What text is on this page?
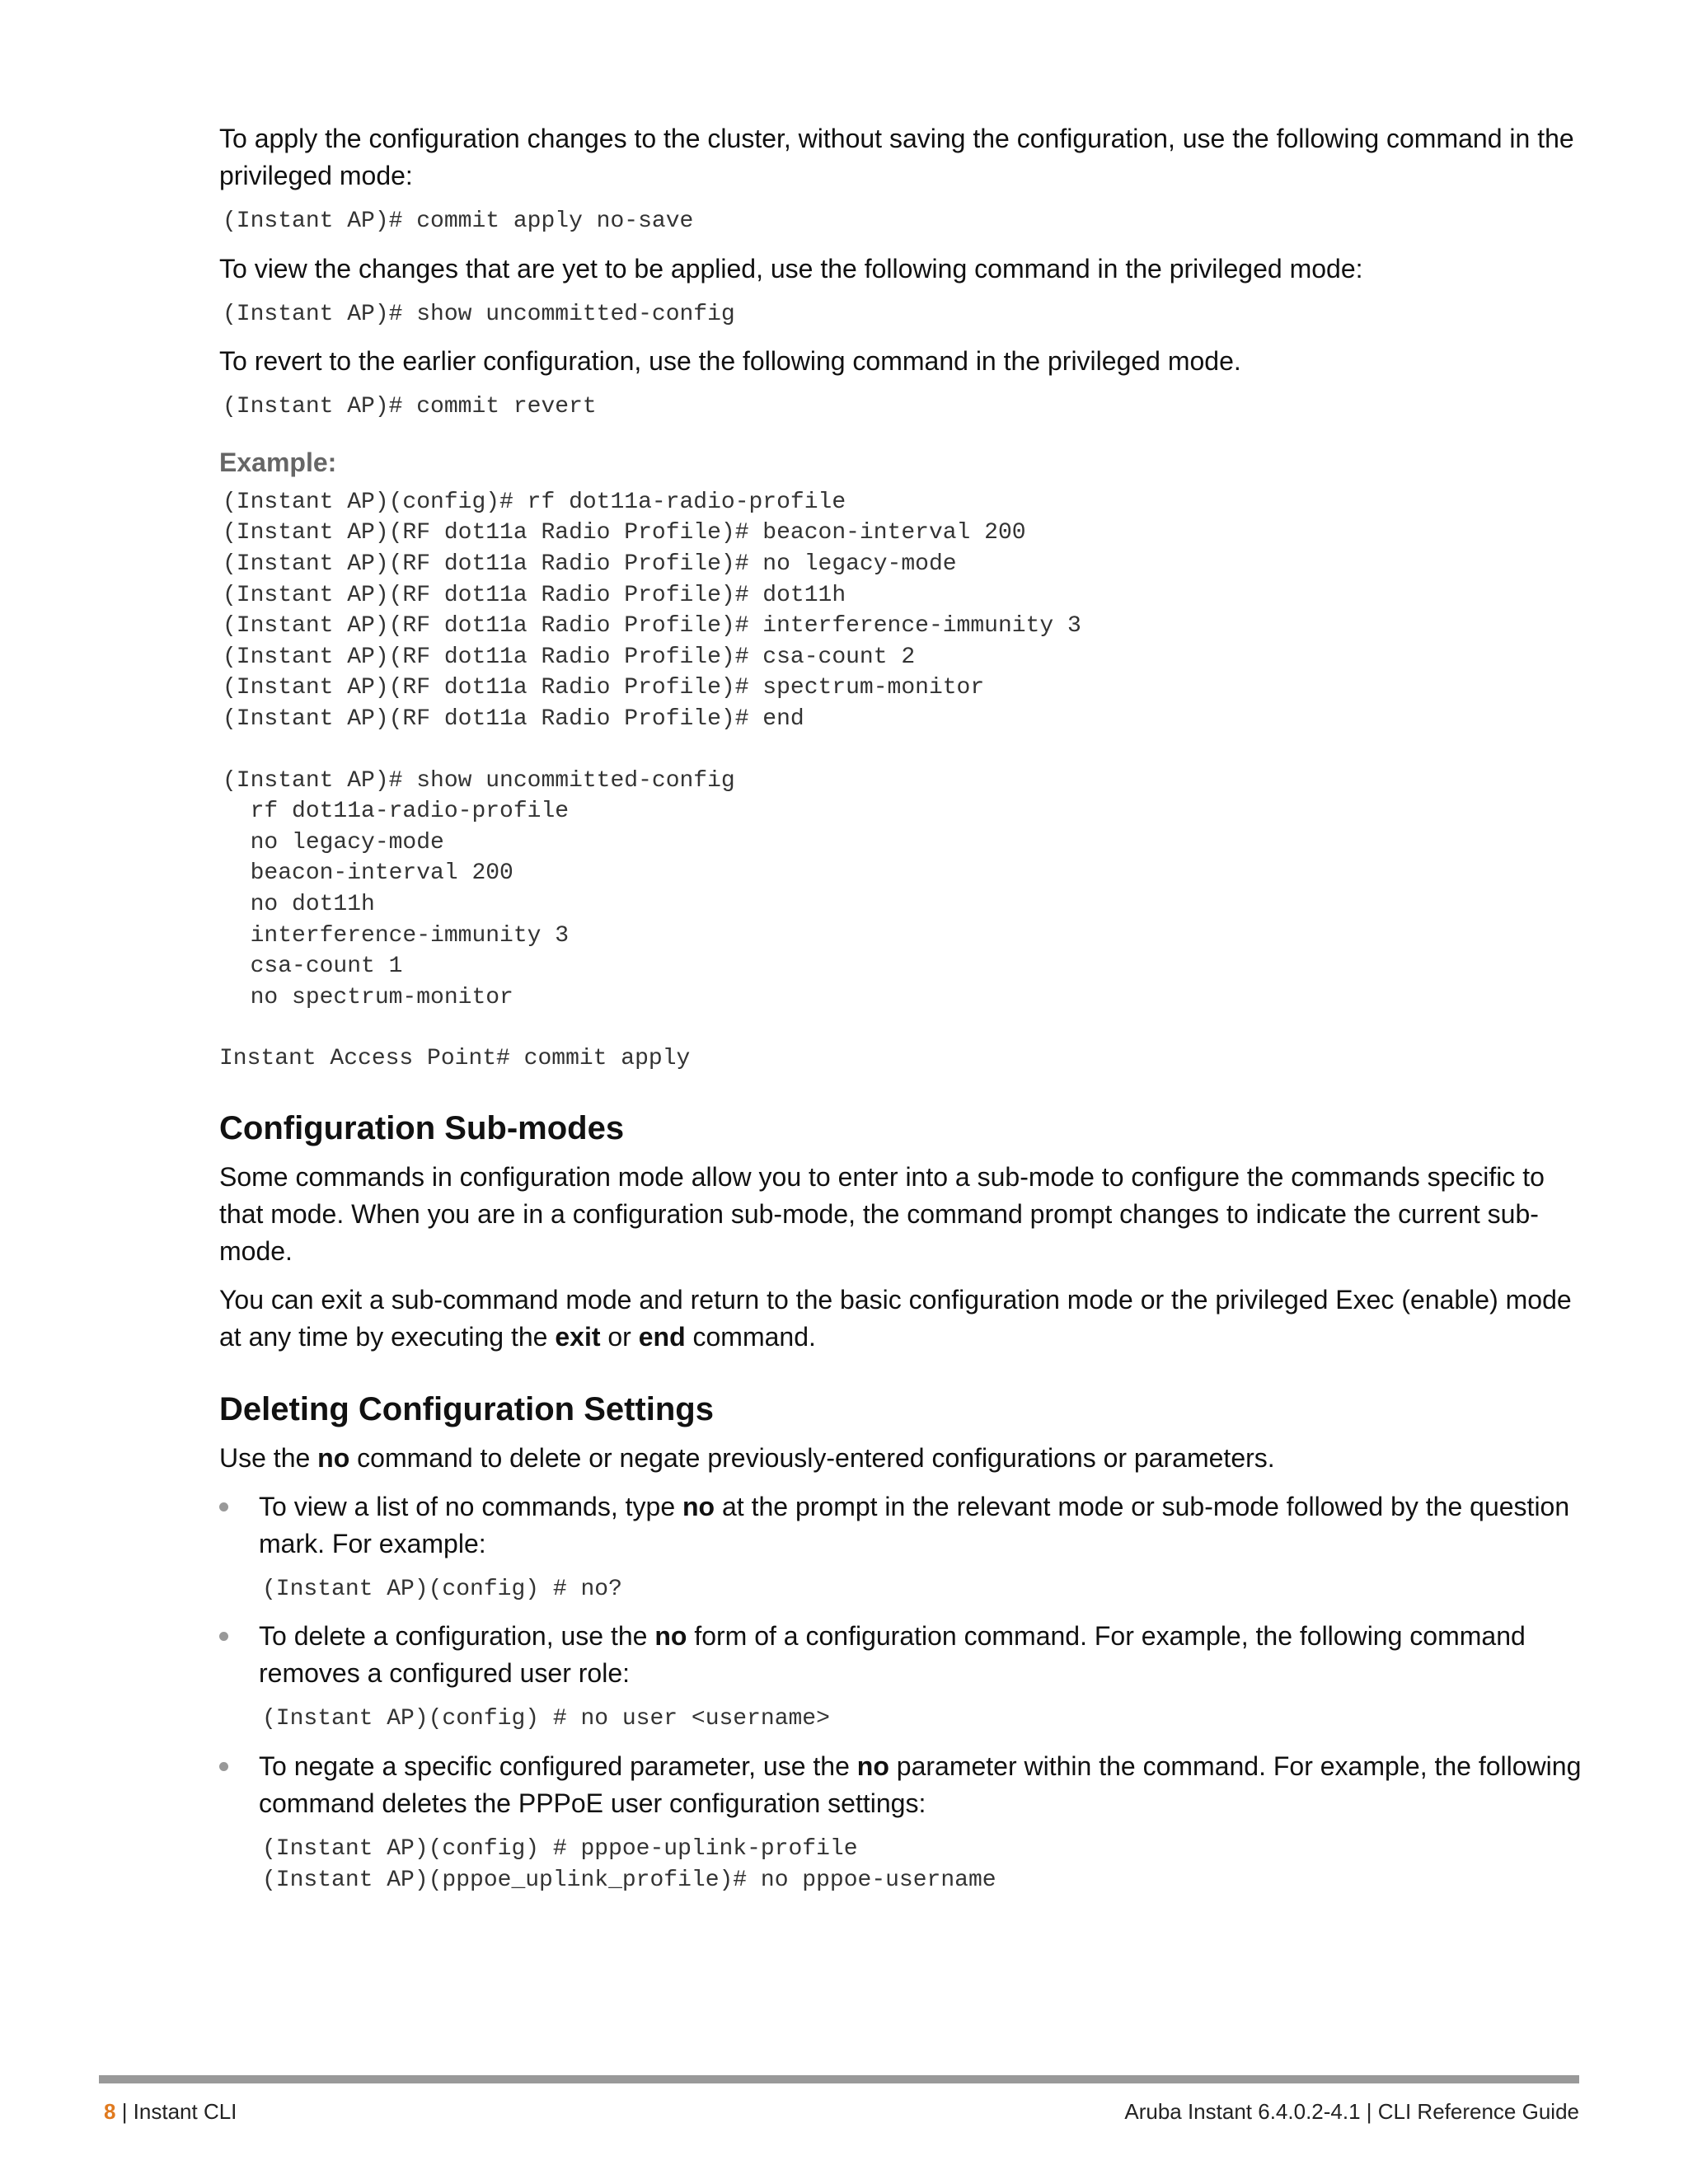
To apply the configuration changes to the cluster, without saving the configuration, use the following command in the privileged mode:

(Instant AP)# commit apply no-save

To view the changes that are yet to be applied, use the following command in the privileged mode:

(Instant AP)# show uncommitted-config

To revert to the earlier configuration, use the following command in the privileged mode.

(Instant AP)# commit revert
Example:
(Instant AP)(config)# rf dot11a-radio-profile
(Instant AP)(RF dot11a Radio Profile)# beacon-interval 200
(Instant AP)(RF dot11a Radio Profile)# no legacy-mode
(Instant AP)(RF dot11a Radio Profile)# dot11h
(Instant AP)(RF dot11a Radio Profile)# interference-immunity 3
(Instant AP)(RF dot11a Radio Profile)# csa-count 2
(Instant AP)(RF dot11a Radio Profile)# spectrum-monitor
(Instant AP)(RF dot11a Radio Profile)# end
(Instant AP)# show uncommitted-config
rf dot11a-radio-profile
no legacy-mode
beacon-interval 200
no dot11h
interference-immunity 3
csa-count 1
no spectrum-monitor
Instant Access Point# commit apply
Configuration Sub-modes

Some commands in configuration mode allow you to enter into a sub-mode to configure the commands specific to that mode. When you are in a configuration sub-mode, the command prompt changes to indicate the current sub-mode.

You can exit a sub-command mode and return to the basic configuration mode or the privileged Exec (enable) mode at any time by executing the exit or end command.

Deleting Configuration Settings

Use the no command to delete or negate previously-entered configurations or parameters.

To view a list of no commands, type no at the prompt in the relevant mode or sub-mode followed by the question mark. For example:

(Instant AP)(config) # no?

To delete a configuration, use the no form of a configuration command. For example, the following command removes a configured user role:

(Instant AP)(config) # no user <username>

To negate a specific configured parameter, use the no parameter within the command. For example, the following command deletes the PPPoE user configuration settings:

(Instant AP)(config) # pppoe-uplink-profile
(Instant AP)(pppoe_uplink_profile)# no pppoe-username
8 | Instant CLI	Aruba Instant 6.4.0.2-4.1 | CLI Reference Guide
